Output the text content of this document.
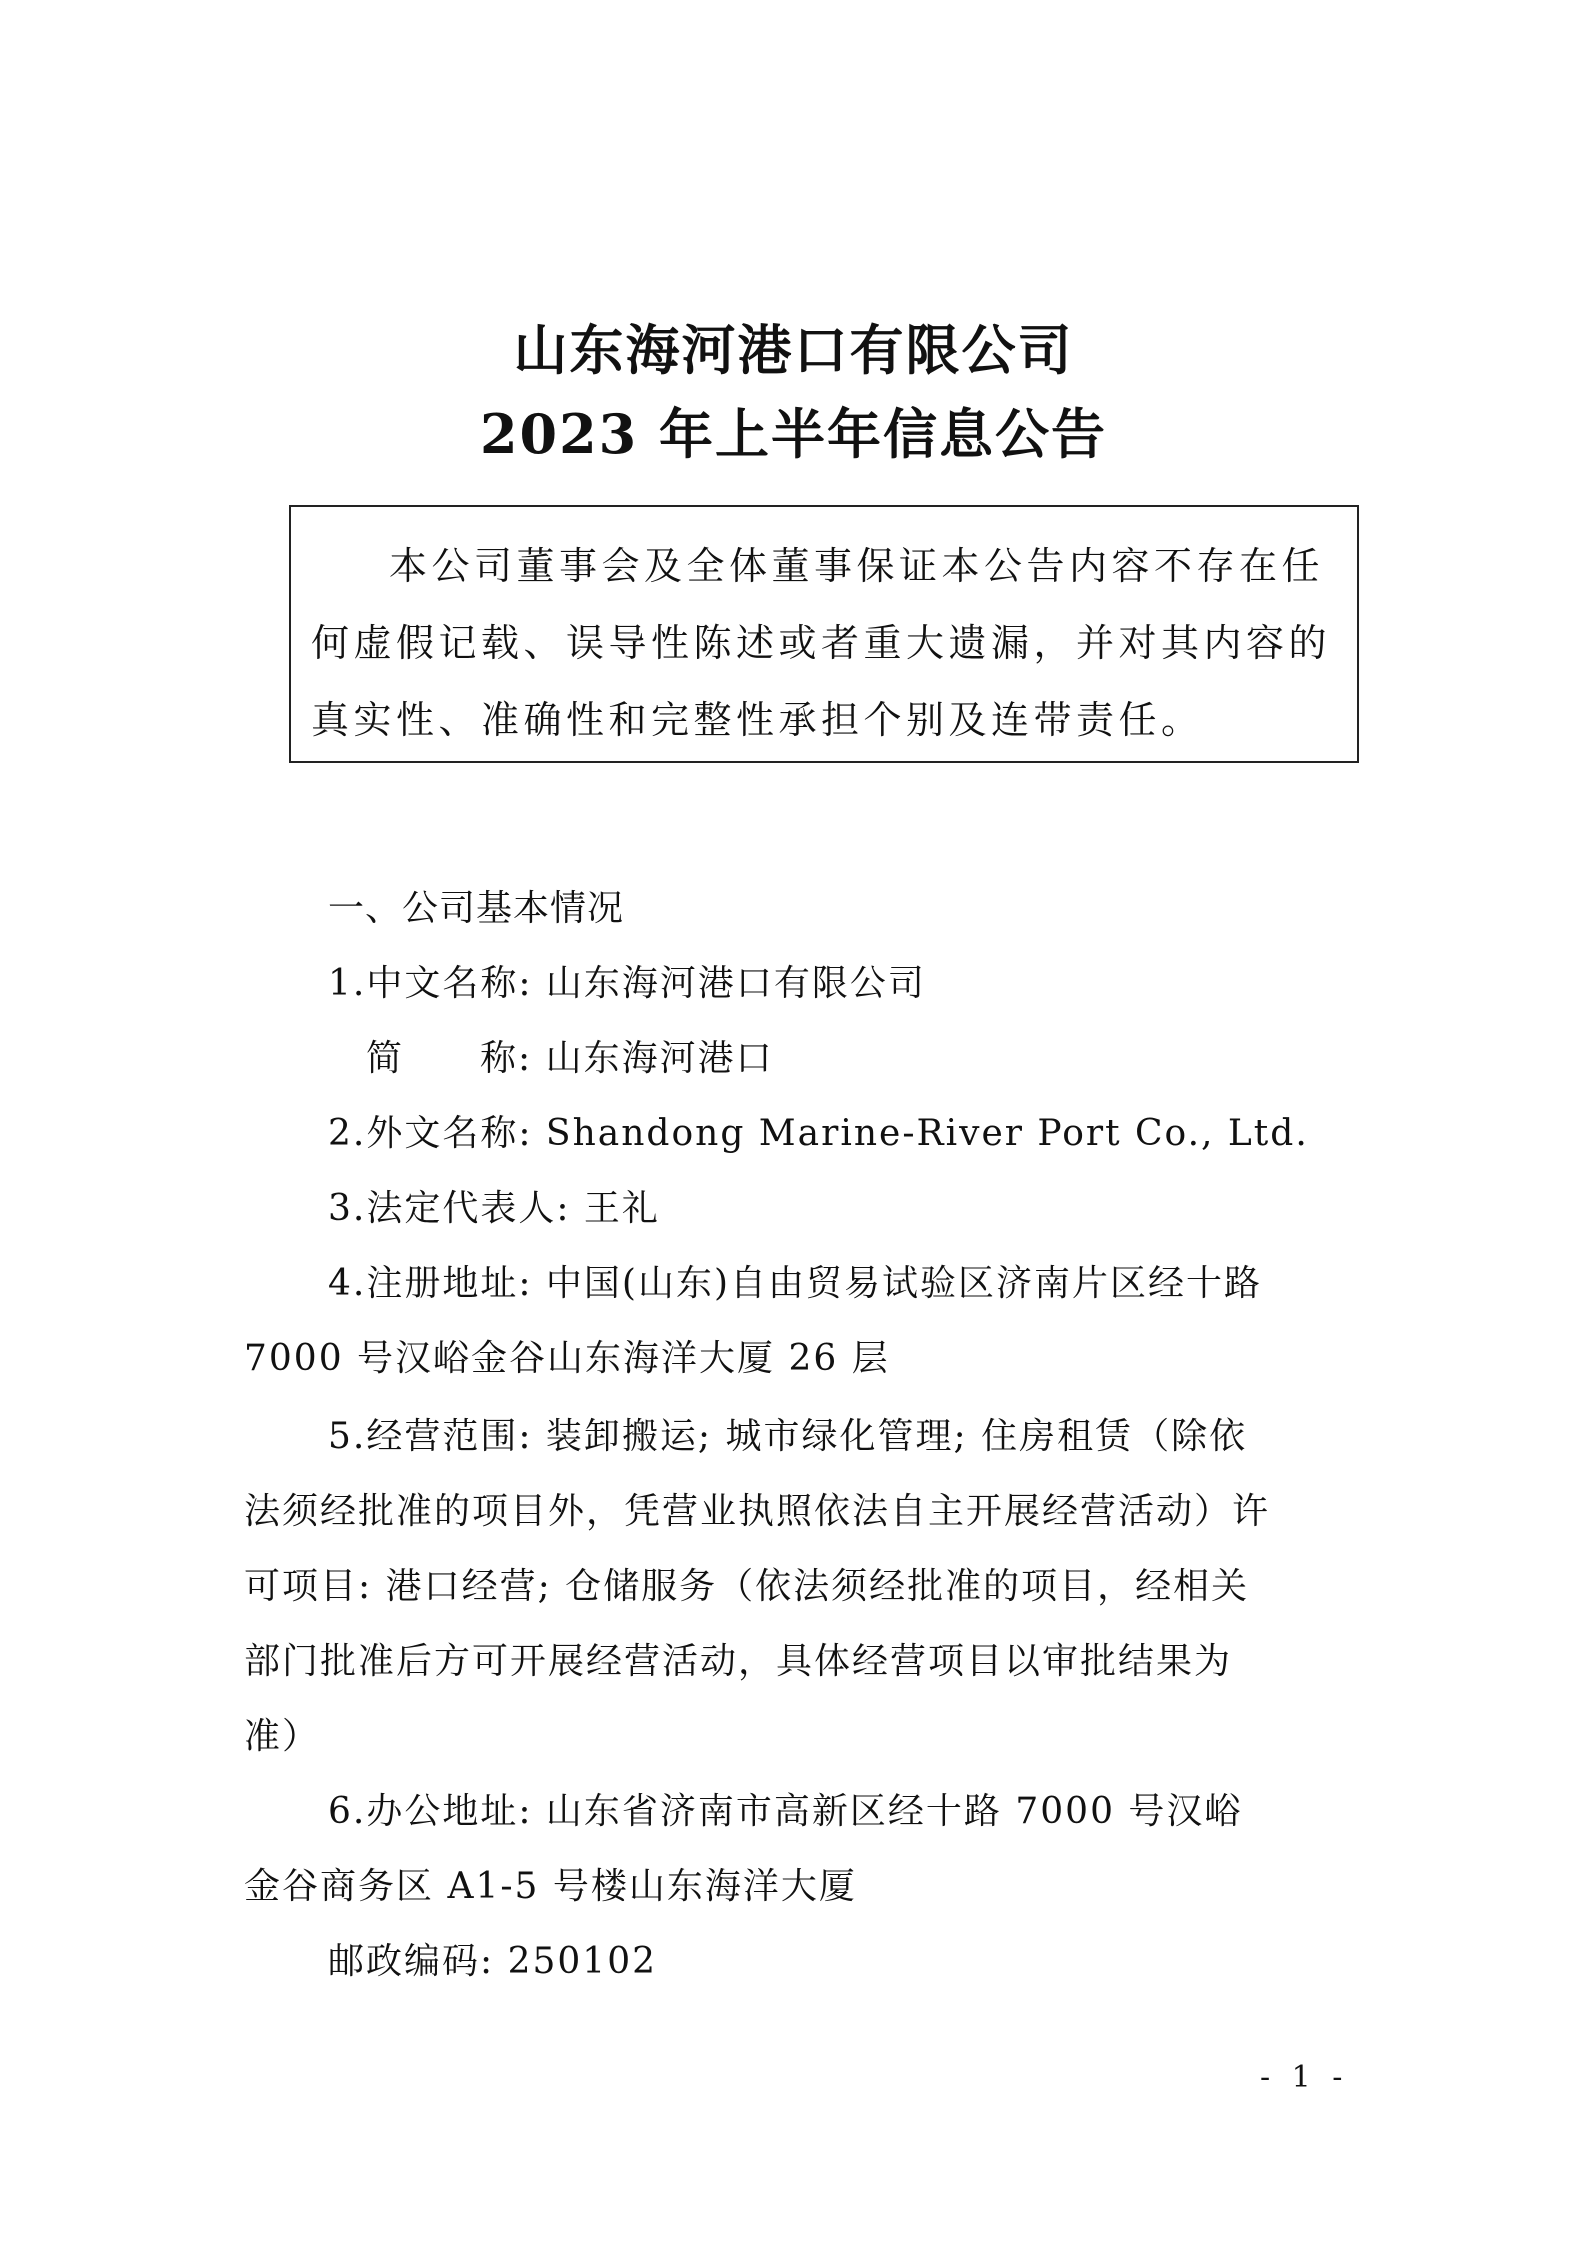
山东海河港口有限公司
2023 年上半年信息公告
本公司董事会及全体董事保证本公告内容不存在任
何虚假记载、误导性陈述或者重大遗漏，并对其内容的
真实性、准确性和完整性承担个别及连带责任。
一、公司基本情况
1.中文名称: 山东海河港口有限公司
简　　称: 山东海河港口
2.外文名称: Shandong Marine-River Port Co., Ltd.
3.法定代表人: 王礼
4.注册地址: 中国(山东)自由贸易试验区济南片区经十路
7000 号汉峪金谷山东海洋大厦 26 层
5.经营范围: 装卸搬运; 城市绿化管理; 住房租赁（除依
法须经批准的项目外，凭营业执照依法自主开展经营活动）许
可项目: 港口经营; 仓储服务（依法须经批准的项目，经相关
部门批准后方可开展经营活动，具体经营项目以审批结果为
准）
6.办公地址: 山东省济南市高新区经十路 7000 号汉峪
金谷商务区 A1-5 号楼山东海洋大厦
邮政编码: 250102
- 1 -
